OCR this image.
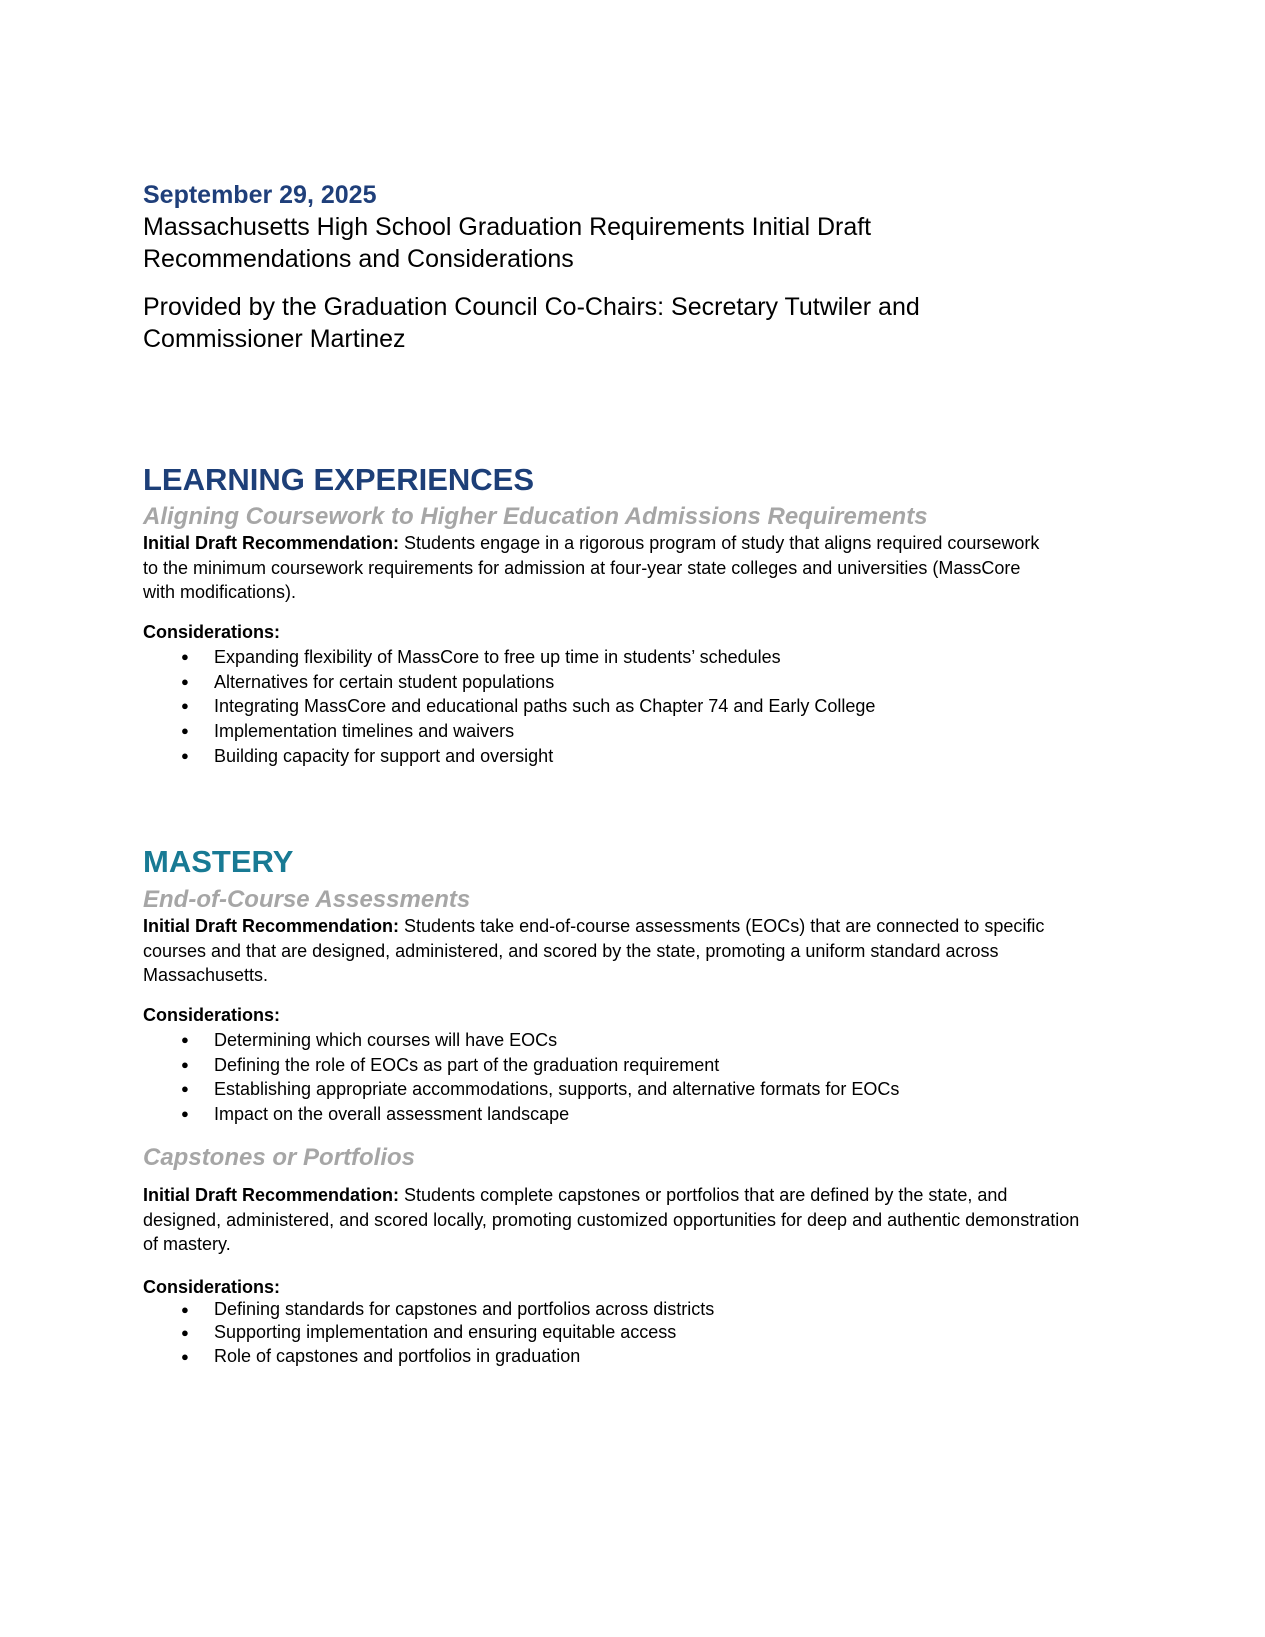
September 29, 2025
Massachusetts High School Graduation Requirements Initial Draft Recommendations and Considerations
Provided by the Graduation Council Co-Chairs: Secretary Tutwiler and Commissioner Martinez
LEARNING EXPERIENCES
Aligning Coursework to Higher Education Admissions Requirements
Initial Draft Recommendation: Students engage in a rigorous program of study that aligns required coursework to the minimum coursework requirements for admission at four-year state colleges and universities (MassCore with modifications).
Considerations:
● Expanding flexibility of MassCore to free up time in students’ schedules
● Alternatives for certain student populations
● Integrating MassCore and educational paths such as Chapter 74 and Early College
● Implementation timelines and waivers
● Building capacity for support and oversight
MASTERY
End-of-Course Assessments
Initial Draft Recommendation: Students take end-of-course assessments (EOCs) that are connected to specific courses and that are designed, administered, and scored by the state, promoting a uniform standard across Massachusetts.
Considerations:
● Determining which courses will have EOCs
● Defining the role of EOCs as part of the graduation requirement
● Establishing appropriate accommodations, supports, and alternative formats for EOCs
● Impact on the overall assessment landscape
Capstones or Portfolios
Initial Draft Recommendation: Students complete capstones or portfolios that are defined by the state, and designed, administered, and scored locally, promoting customized opportunities for deep and authentic demonstration of mastery.
Considerations:
● Defining standards for capstones and portfolios across districts
● Supporting implementation and ensuring equitable access
● Role of capstones and portfolios in graduation
